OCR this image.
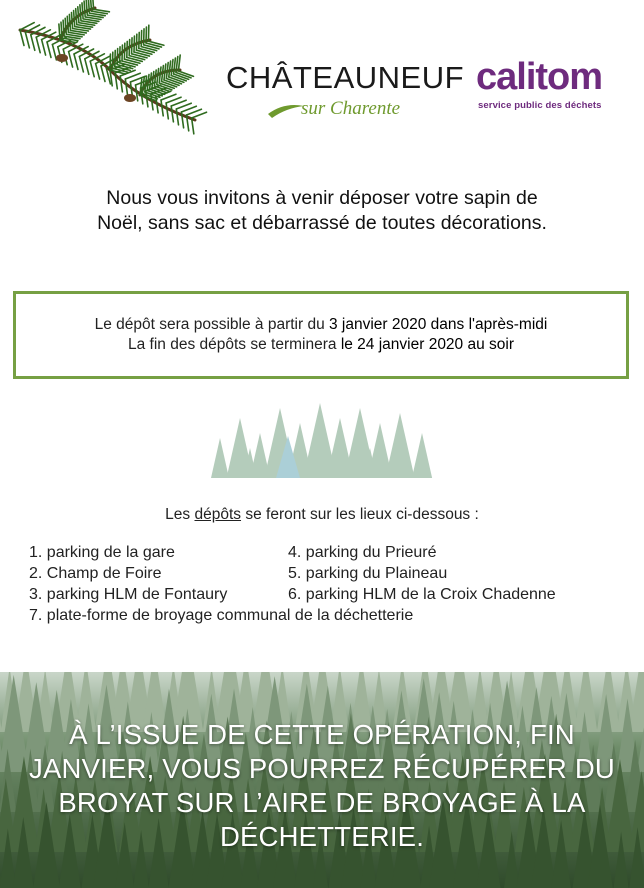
CHÂTEAUNEUF
sur Charente
calitom
service public des déchets
Nous vous invitons à venir déposer votre sapin de
Noël, sans sac et débarrassé de toutes décorations.
Le dépôt sera possible à partir du 3 janvier 2020 dans l'après-midi
La fin des dépôts se terminera le 24 janvier 2020 au soir
Les dépôts se feront sur les lieux ci-dessous :
1. parking de la gare
2. Champ de Foire
3. parking HLM de Fontaury
4. parking du Prieuré
5. parking du Plaineau
6. parking HLM de la Croix Chadenne
7. plate-forme de broyage communal de la déchetterie
À L’ISSUE DE CETTE OPÉRATION, FIN
JANVIER, VOUS POURREZ RÉCUPÉRER DU
BROYAT SUR L’AIRE DE BROYAGE À LA
DÉCHETTERIE.
